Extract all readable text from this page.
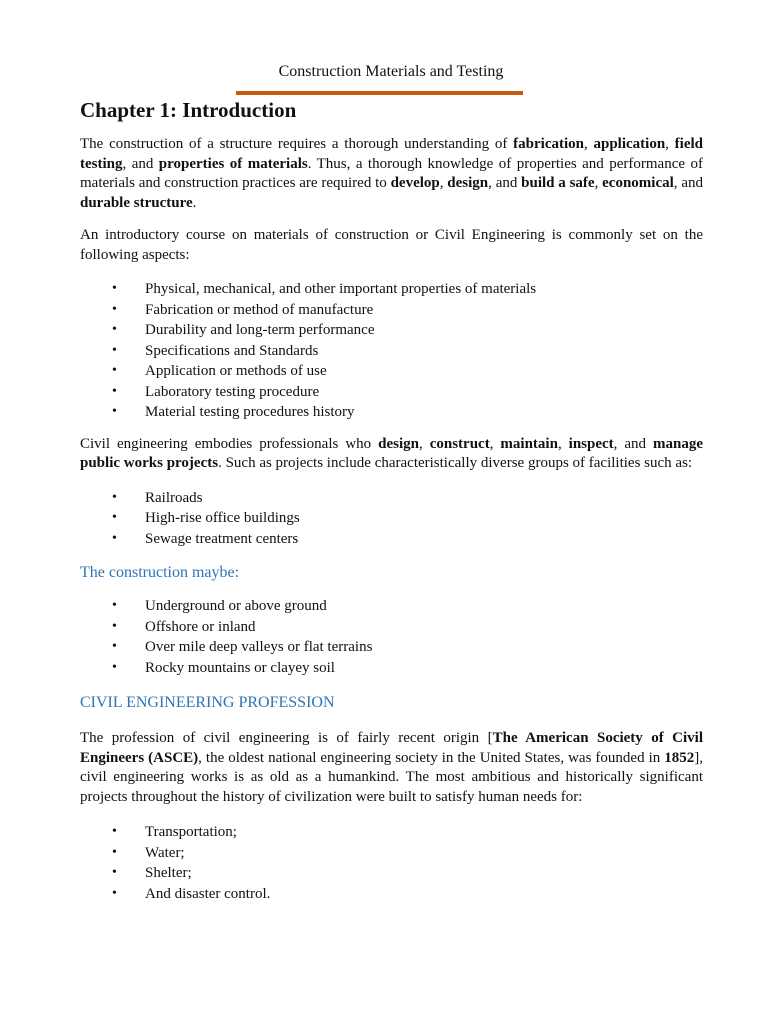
Construction Materials and Testing
Chapter 1: Introduction

The construction of a structure requires a thorough understanding of fabrication, application, field testing, and properties of materials. Thus, a thorough knowledge of properties and performance of materials and construction practices are required to develop, design, and build a safe, economical, and durable structure.

An introductory course on materials of construction or Civil Engineering is commonly set on the following aspects:

• Physical, mechanical, and other important properties of materials
• Fabrication or method of manufacture
• Durability and long-term performance
• Specifications and Standards
• Application or methods of use
• Laboratory testing procedure
• Material testing procedures history

Civil engineering embodies professionals who design, construct, maintain, inspect, and manage public works projects. Such as projects include characteristically diverse groups of facilities such as:

• Railroads
• High-rise office buildings
• Sewage treatment centers
The construction maybe:
• Underground or above ground
• Offshore or inland
• Over mile deep valleys or flat terrains
• Rocky mountains or clayey soil
CIVIL ENGINEERING PROFESSION

The profession of civil engineering is of fairly recent origin [The American Society of Civil Engineers (ASCE), the oldest national engineering society in the United States, was founded in 1852], civil engineering works is as old as a humankind. The most ambitious and historically significant projects throughout the history of civilization were built to satisfy human needs for:

• Transportation;
• Water;
• Shelter;
• And disaster control.
